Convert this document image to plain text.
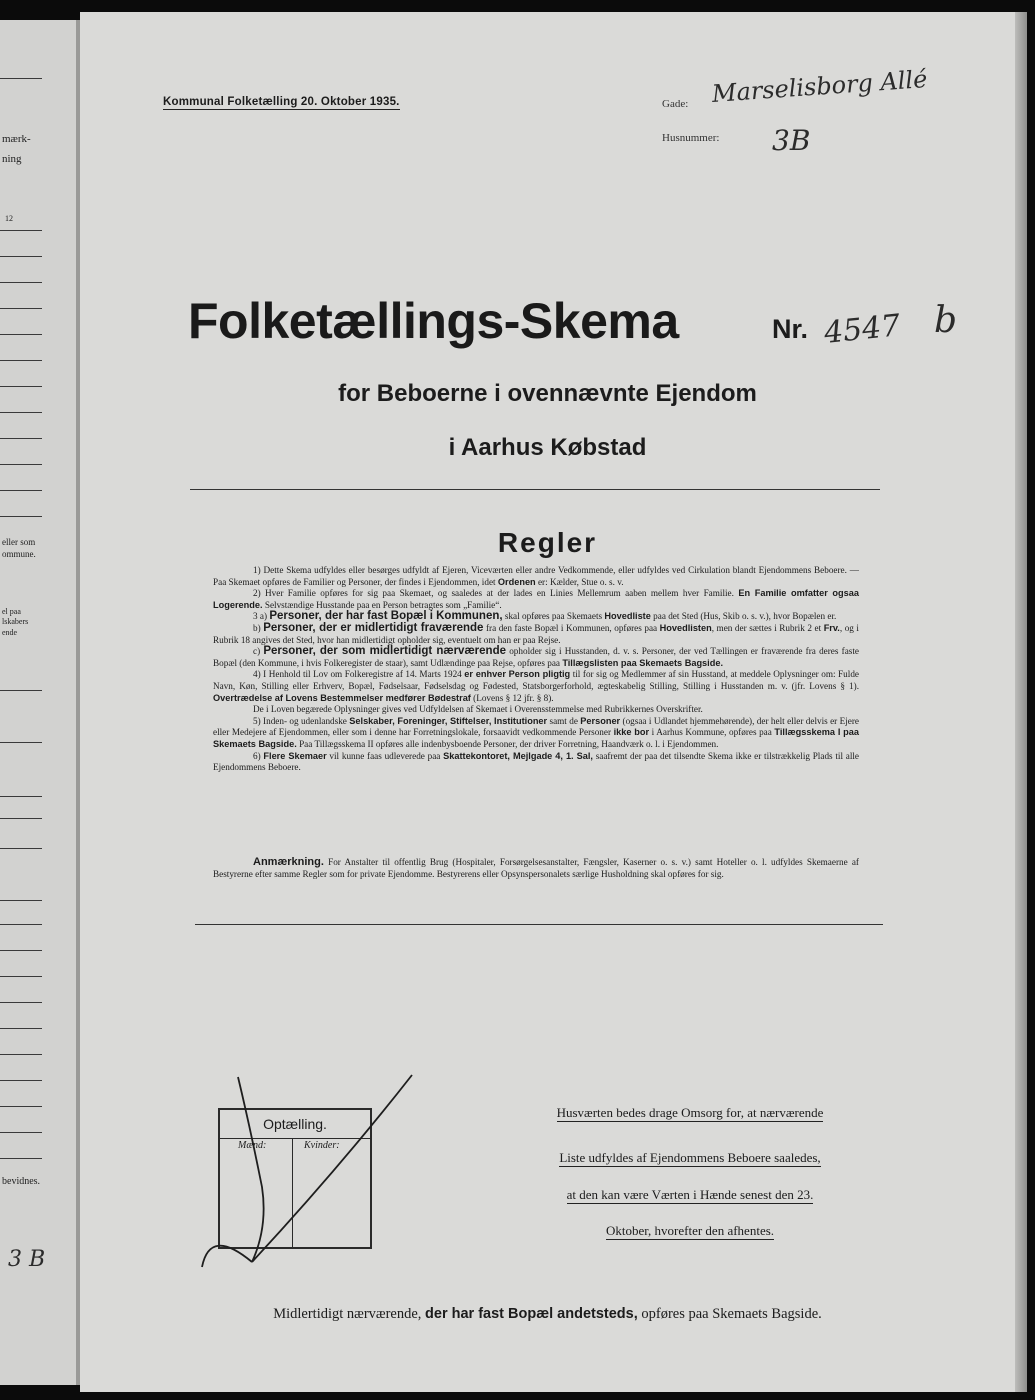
mærk-
ning
12
eller som
ommune.
el paa
lskabers
ende
bevidnes.
3 B
Kommunal Folketælling 20. Oktober 1935.	Gade: Marselisborg Allé
Husnummer: 3B
Folketællings-Skema	Nr. 4547 b
for Beboerne i ovennævnte Ejendom
i Aarhus Købstad
Regler

1) Dette Skema udfyldes eller besørges udfyldt af Ejeren, Viceværten eller andre Vedkommende, eller udfyldes ved Cirkulation blandt Ejendommens Beboere. — Paa Skemaet opføres de Familier og Personer, der findes i Ejendommen, idet Ordenen er: Kælder, Stue o. s. v.

2) Hver Familie opføres for sig paa Skemaet, og saaledes at der lades en Linies Mellemrum aaben mellem hver Familie. En Familie omfatter ogsaa Logerende. Selvstændige Husstande paa en Person betragtes som „Familie“.

3 a) Personer, der har fast Bopæl i Kommunen, skal opføres paa Skemaets Hovedliste paa det Sted (Hus, Skib o. s. v.), hvor Bopælen er.

b) Personer, der er midlertidigt fraværende fra den faste Bopæl i Kommunen, opføres paa Hovedlisten, men der sættes i Rubrik 2 et Frv., og i Rubrik 18 angives det Sted, hvor han midlertidigt opholder sig, eventuelt om han er paa Rejse.

c) Personer, der som midlertidigt nærværende opholder sig i Husstanden, d. v. s. Personer, der ved Tællingen er fraværende fra deres faste Bopæl (den Kommune, i hvis Folkeregister de staar), samt Udlændinge paa Rejse, opføres paa Tillægslisten paa Skemaets Bagside.

4) I Henhold til Lov om Folkeregistre af 14. Marts 1924 er enhver Person pligtig til for sig og Medlemmer af sin Husstand, at meddele Oplysninger om: Fulde Navn, Køn, Stilling eller Erhverv, Bopæl, Fødselsaar, Fødselsdag og Fødested, Statsborgerforhold, ægteskabelig Stilling, Stilling i Husstanden m. v. (jfr. Lovens § 1). Overtrædelse af Lovens Bestemmelser medfører Bødestraf (Lovens § 12 jfr. § 8).

De i Loven begærede Oplysninger gives ved Udfyldelsen af Skemaet i Overensstemmelse med Rubrikkernes Overskrifter.

5) Inden- og udenlandske Selskaber, Foreninger, Stiftelser, Institutioner samt de Personer (ogsaa i Udlandet hjemmehørende), der helt eller delvis er Ejere eller Medejere af Ejendommen, eller som i denne har Forretningslokale, forsaavidt vedkommende Personer ikke bor i Aarhus Kommune, opføres paa Tillægsskema I paa Skemaets Bagside. Paa Tillægsskema II opføres alle indenbysboende Personer, der driver Forretning, Haandværk o. l. i Ejendommen.

6) Flere Skemaer vil kunne faas udleverede paa Skattekontoret, Mejlgade 4, 1. Sal, saafremt der paa det tilsendte Skema ikke er tilstrækkelig Plads til alle Ejendommens Beboere.

Anmærkning. For Anstalter til offentlig Brug (Hospitaler, Forsørgelsesanstalter, Fængsler, Kaserner o. s. v.) samt Hoteller o. l. udfyldes Skemaerne af Bestyrerne efter samme Regler som for private Ejendomme. Bestyrerens eller Opsynspersonalets særlige Husholdning skal opføres for sig.

Optælling.
Mænd:	Kvinder:
Husværten bedes drage Omsorg for, at nærværende
Liste udfyldes af Ejendommens Beboere saaledes,
at den kan være Værten i Hænde senest den 23.
Oktober, hvorefter den afhentes.
Midlertidigt nærværende, der har fast Bopæl andetsteds, opføres paa Skemaets Bagside.
